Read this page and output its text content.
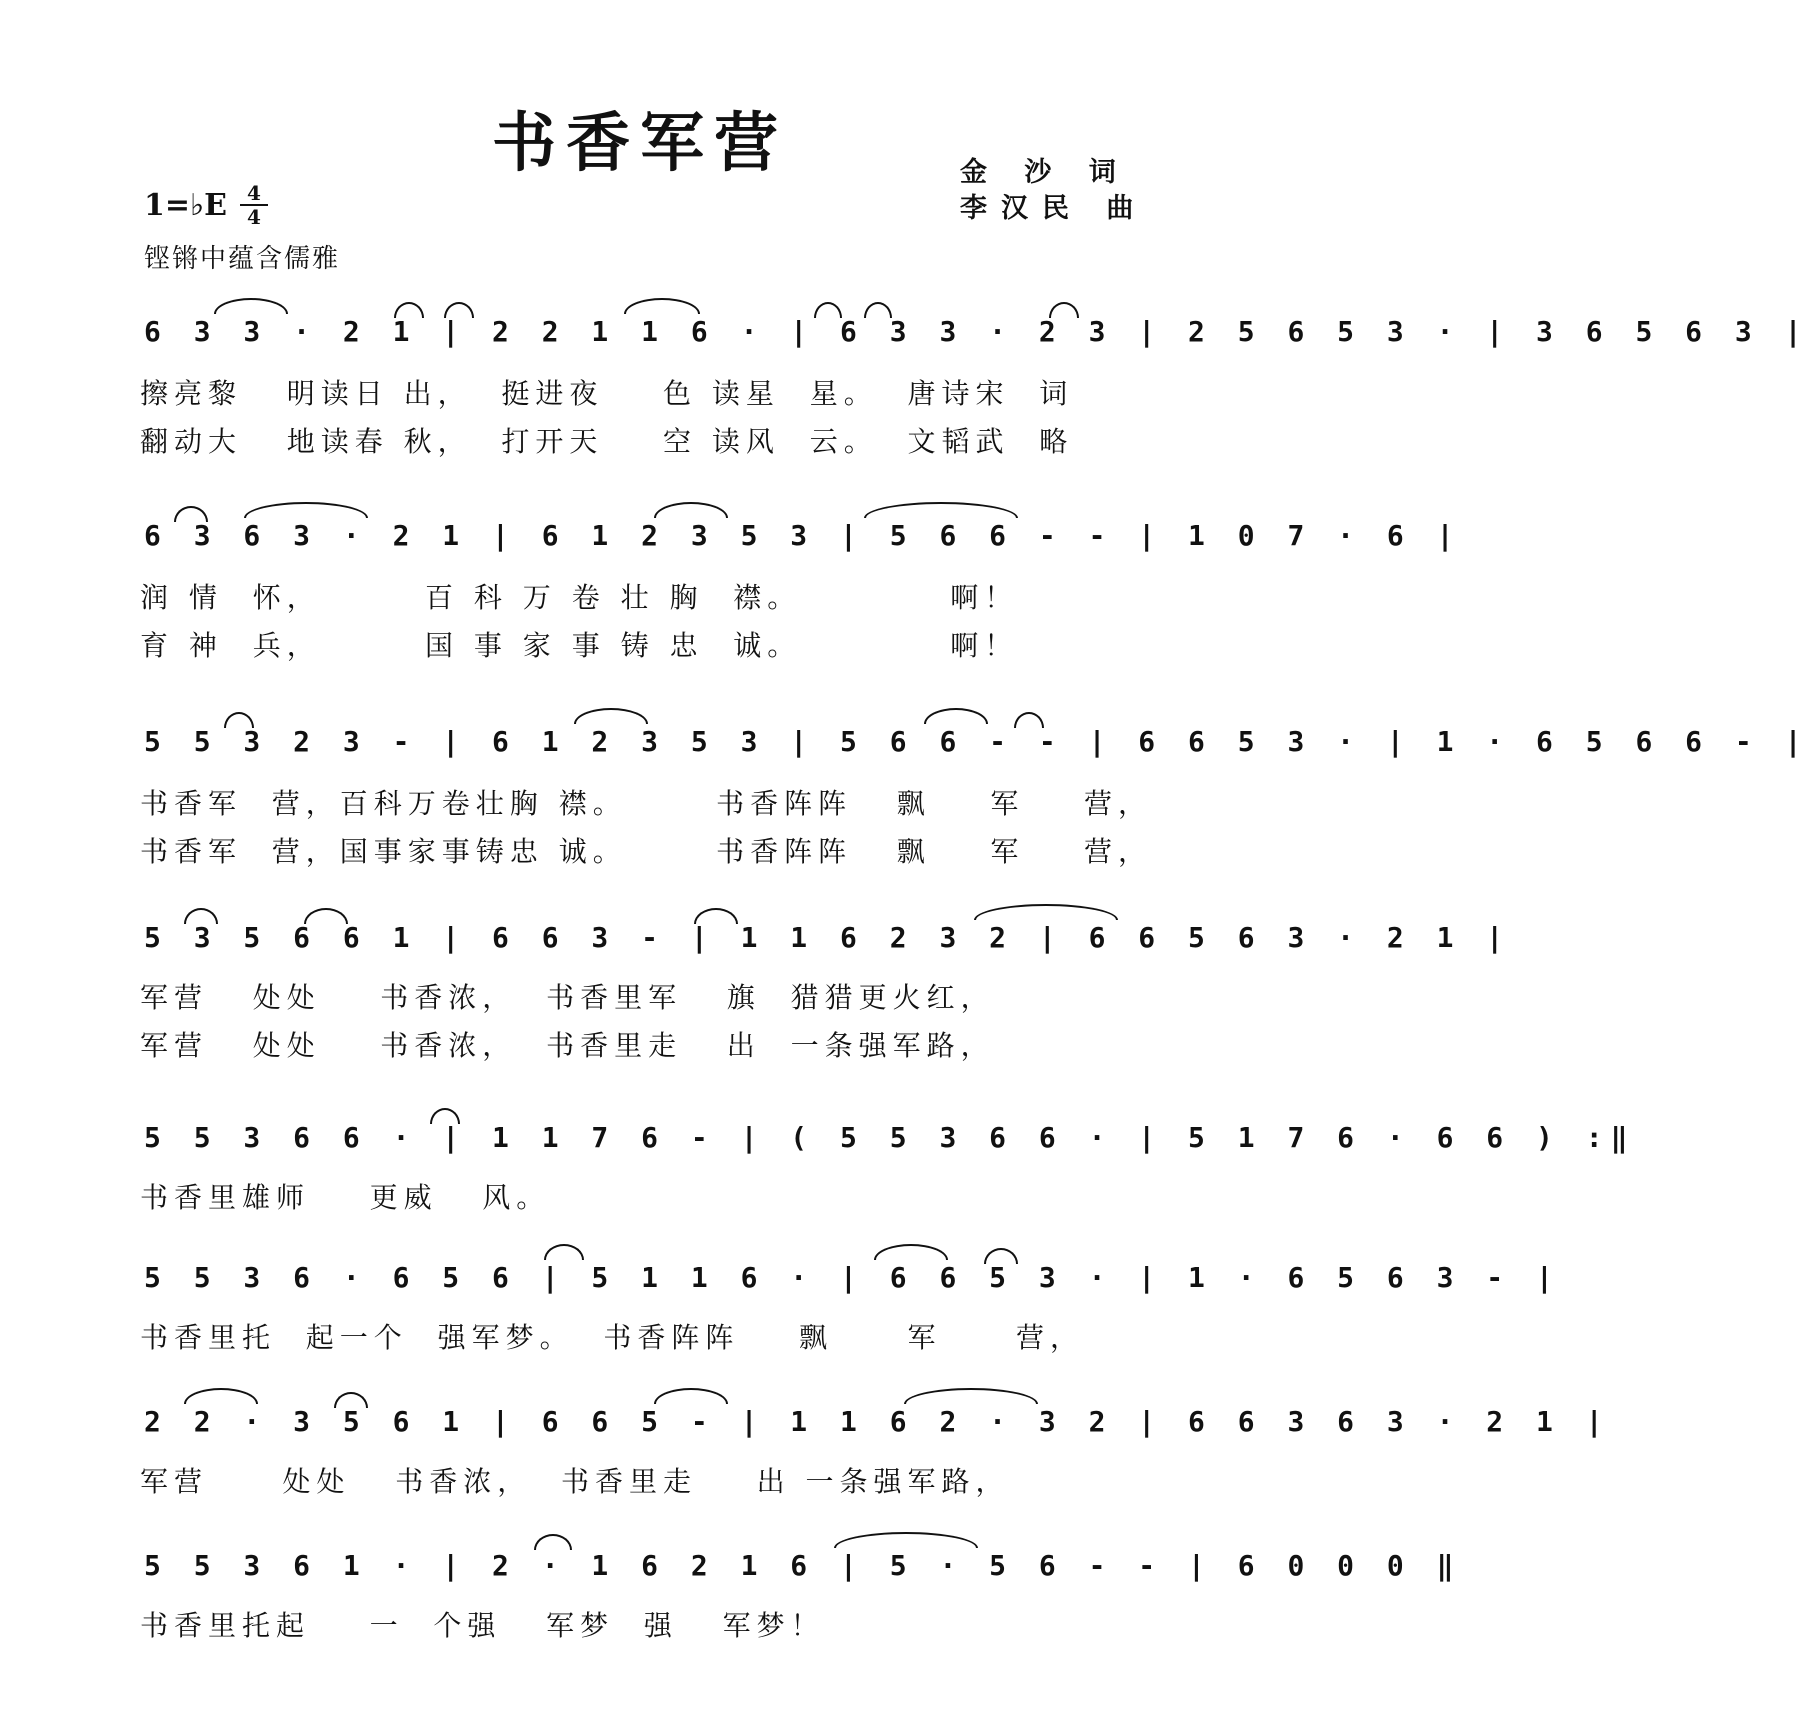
书香军营
1=♭E	4
4
铿锵中蕴含儒雅
金 沙 词
李汉民 曲
6 3 3 · 2 1 | 2 2 1 1 6 · | 6 3 3 · 2 3 | 2 5 6 5 3 · | 3 6 5 6 3 |
擦亮黎   明读日 出，  挺进夜    色 读星  星。  唐诗宋  词
翻动大   地读春 秋，  打开天    空 读风  云。  文韬武  略
6 3 6 3 · 2 1 | 6 1 2 3 5 3 | 5 6 6 - - | 1 0 7 · 6 |
润 情  怀，       百 科 万 卷 壮 胸  襟。          啊！
育 神  兵，       国 事 家 事 铸 忠  诚。          啊！
5 5 3 2 3 - | 6 1 2 3 5 3 | 5 6 6 - - | 6 6 5 3 · | 1 · 6 5 6 6 - |
书香军  营，百科万卷壮胸 襟。      书香阵阵   飘    军    营，
书香军  营，国事家事铸忠 诚。      书香阵阵   飘    军    营，
5 3 5 6 6 1 | 6 6 3 - | 1 1 6 2 3 2 | 6 6 5 6 3 · 2 1 |
军营   处处    书香浓，  书香里军   旗  猎猎更火红，
军营   处处    书香浓，  书香里走   出  一条强军路，
5 5 3 6 6 · | 1 1 7 6 - | ( 5 5 3 6 6 · | 5 1 7 6 · 6 6 ) :‖
书香里雄师    更威   风。
5 5 3 6 · 6 5 6 | 5 1 1 6 · | 6 6 5 3 · | 1 · 6 5 6 3 - |
书香里托  起一个  强军梦。  书香阵阵    飘     军     营，
2 2 · 3 5 6 1 | 6 6 5 - | 1 1 6 2 · 3 2 | 6 6 3 6 3 · 2 1 |
军营     处处   书香浓，  书香里走    出 一条强军路，
5 5 3 6 1 · | 2 · 1 6 2 1 6 | 5 · 5 6 - - | 6 0 0 0 ‖
书香里托起    一  个强   军梦  强   军梦！
